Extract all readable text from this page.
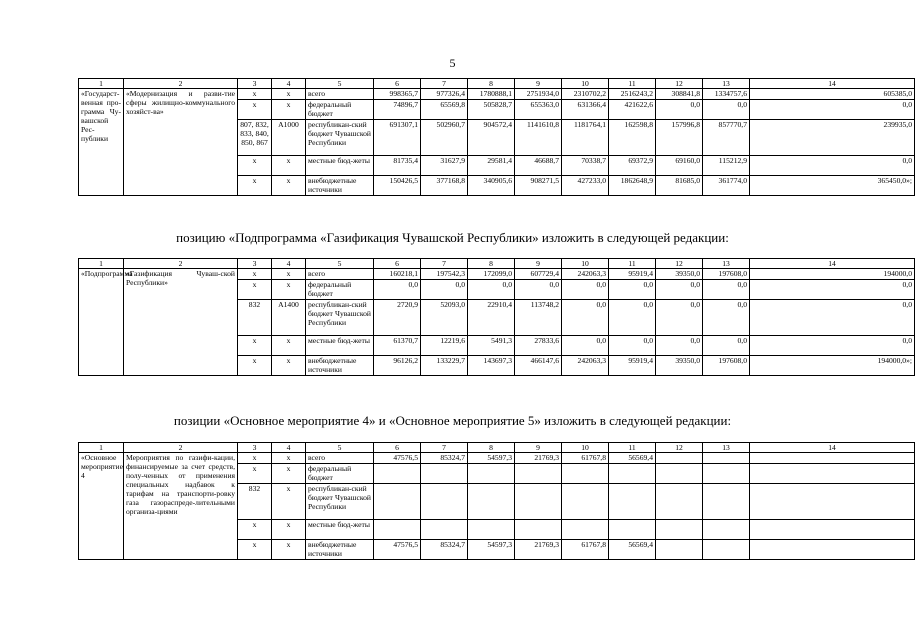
5
1	2	3	4	5	6	7	8	9	10	11	12	13	14
«Государст-венная про-грамма Чу-вашской Рес-публики	«Модернизация и разви-тие сферы жилищно-коммунального хозяйст-ва»	x	x	всего	998365,7	977326,4	1780888,1	2751934,0	2310702,2	2516243,2	308841,8	1334757,6	605385,0
		x	x	федеральный бюджет	74896,7	65569,8	505828,7	655363,0	631366,4	421622,6	0,0	0,0	0,0
		807, 832, 833, 840, 850, 867	А1000	республикан-ский бюджет Чувашской Республики	691307,1	502960,7	904572,4	1141610,8	1181764,1	162598,8	157996,8	857770,7	239935,0
		x	x	местные бюд-жеты	81735,4	31627,9	29581,4	46688,7	70338,7	69372,9	69160,0	115212,9	0,0
		x	x	внебюджетные источники	150426,5	377168,8	340905,6	908271,5	427233,0	1862648,9	81685,0	361774,0	365450,0»;
позицию «Подпрограмма «Газификация Чувашской Республики» изложить в следующей редакции:
1	2	3	4	5	6	7	8	9	10	11	12	13	14
«Подпрограмма	«Газификация Чуваш-ской Республики»	x	x	всего	160218,1	197542,3	172099,0	607729,4	242063,3	95919,4	39350,0	197608,0	194000,0
		x	x	федеральный бюджет	0,0	0,0	0,0	0,0	0,0	0,0	0,0	0,0	0,0
		832	А1400	республикан-ский бюджет Чувашской Республики	2720,9	52093,0	22910,4	113748,2	0,0	0,0	0,0	0,0	0,0
		x	x	местные бюд-жеты	61370,7	12219,6	5491,3	27833,6	0,0	0,0	0,0	0,0	0,0
		x	x	внебюджетные источники	96126,2	133229,7	143697,3	466147,6	242063,3	95919,4	39350,0	197608,0	194000,0»;
позиции «Основное мероприятие 4» и «Основное мероприятие 5» изложить в следующей редакции:
1	2	3	4	5	6	7	8	9	10	11	12	13	14
«Основное мероприятие 4	Мероприятия по газифи-кации, финансируемые за счет средств, полу-ченных от применения специальных надбавок к тарифам на транспорти-ровку газа газораспреде-лительными организа-циями	x	x	всего	47576,5	85324,7	54597,3	21769,3	61767,8	56569,4			
		x	x	федеральный бюджет									
		832	x	республикан-ский бюджет Чувашской Республики									
		x	x	местные бюд-жеты									
		x	x	внебюджетные источники	47576,5	85324,7	54597,3	21769,3	61767,8	56569,4			
